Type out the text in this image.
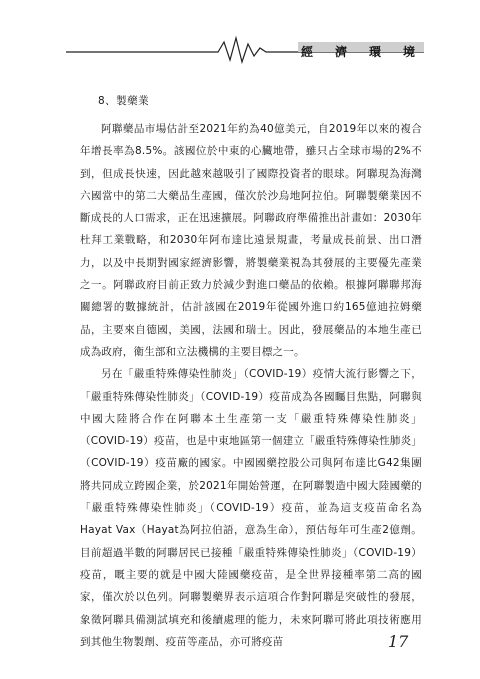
經　濟　環　境

8、製藥業

阿聯藥品市場估計至2021年約為40億美元，自2019年以來的複合年增長率為8.5%。該國位於中東的心臟地帶，雖只占全球市場的2%不到，但成長快速，因此越來越吸引了國際投資者的眼球。阿聯現為海灣六國當中的第二大藥品生產國，僅次於沙烏地阿拉伯。阿聯製藥業因不斷成長的人口需求，正在迅速擴展。阿聯政府準備推出計畫如：2030年杜拜工業戰略，和2030年阿布達比遠景規畫，考量成長前景、出口潛力，以及中長期對國家經濟影響，將製藥業視為其發展的主要優先產業之一。阿聯政府目前正致力於減少對進口藥品的依賴。根據阿聯聯邦海關總署的數據統計，估計該國在2019年從國外進口約165億迪拉姆藥品，主要來自德國，美國，法國和瑞士。因此，發展藥品的本地生產已成為政府，衛生部和立法機構的主要目標之一。

另在「嚴重特殊傳染性肺炎」（COVID-19）疫情大流行影響之下，「嚴重特殊傳染性肺炎」（COVID-19）疫苗成為各國矚目焦點，阿聯與中國大陸將合作在阿聯本土生產第一支「嚴重特殊傳染性肺炎」（COVID-19）疫苗，也是中東地區第一個建立「嚴重特殊傳染性肺炎」（COVID-19）疫苗廠的國家。中國國藥控股公司與阿布達比G42集團將共同成立跨國企業，於2021年開始營運，在阿聯製造中國大陸國藥的「嚴重特殊傳染性肺炎」（COVID-19）疫苗，並為這支疫苗命名為Hayat Vax（Hayat為阿拉伯語，意為生命），預估每年可生產2億劑。目前超過半數的阿聯居民已接種「嚴重特殊傳染性肺炎」（COVID-19）疫苗，嘅主要的就是中國大陸國藥疫苗，是全世界接種率第二高的國家，僅次於以色列。阿聯製藥界表示這項合作對阿聯是突破性的發展，象徵阿聯具備測試填充和後續處理的能力，未來阿聯可將此項技術應用到其他生物製劑、疫苗等產品，亦可將疫苗	17
